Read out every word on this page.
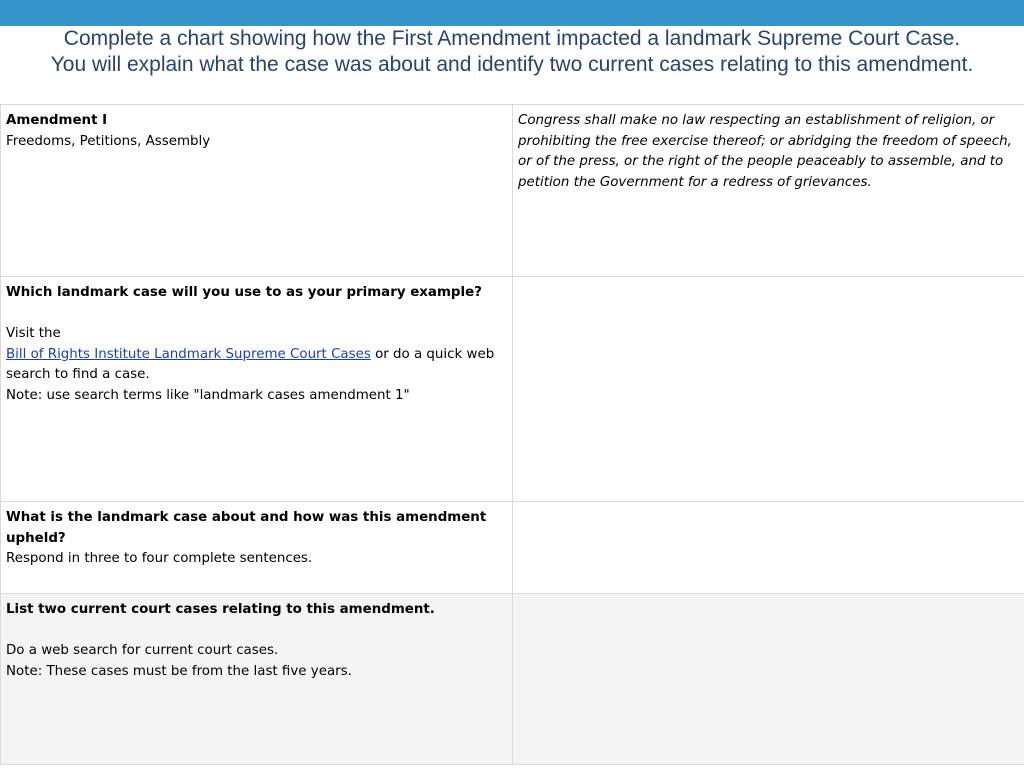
Complete a chart showing how the First Amendment impacted a landmark Supreme Court Case.
You will explain what the case was about and identify two current cases relating to this amendment.
Amendment I
Freedoms, Petitions, Assembly	Congress shall make no law respecting an establishment of religion, or prohibiting the free exercise thereof; or abridging the freedom of speech, or of the press, or the right of the people peaceably to assemble, and to petition the Government for a redress of grievances.

Which landmark case will you use to as your primary example?
Visit the
Bill of Rights Institute Landmark Supreme Court Cases or do a quick web search to find a case.
Note: use search terms like "landmark cases amendment 1"	

What is the landmark case about and how was this amendment upheld?
Respond in three to four complete sentences.	

List two current court cases relating to this amendment.
Do a web search for current court cases.
Note: These cases must be from the last five years.	
